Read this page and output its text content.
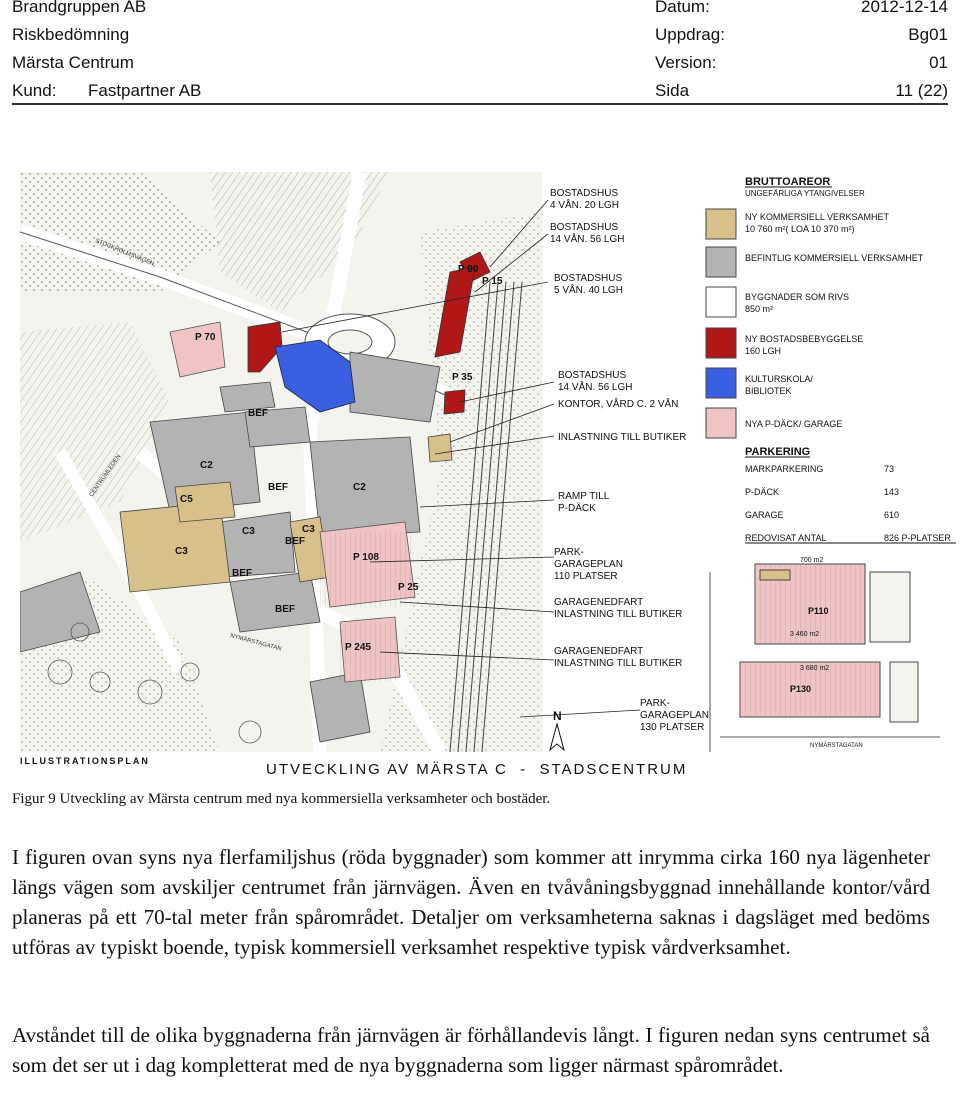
Brandgruppen AB	Datum:	2012-12-14
Riskbedömning	Uppdrag:	Bg01
Märsta Centrum	Version:	01
Kund: Fastpartner AB	Sida	11 (22)
P 70
P 90
P 15
P 35
P 108
P 25
P 245
C2
C2
C3
C3	C3
C5
BEF
BEF
BEF
BEF
BEF
N
STOCKHOLMSVÄGEN
NYMÄRSTAGATAN
CENTRUMLEDEN
BOSTADSHUS
4 VÅN. 20 LGH
BOSTADSHUS
14 VÅN. 56 LGH
BOSTADSHUS
5 VÅN. 40 LGH
BOSTADSHUS
14 VÅN. 56 LGH
KONTOR, VÅRD C. 2 VÅN
INLASTNING TILL BUTIKER
RAMP TILL
P-DÄCK
PARK-
GARAGEPLAN
110 PLATSER
GARAGENEDFART
INLASTNING TILL BUTIKER
GARAGENEDFART
INLASTNING TILL BUTIKER
PARK-
GARAGEPLAN
130 PLATSER
BRUTTOAREOR
UNGEFÄRLIGA YTANGIVELSER
NY KOMMERSIELL VERKSAMHET
10 760 m²( LOA 10 370 m²)
BEFINTLIG KOMMERSIELL VERKSAMHET
BYGGNADER SOM RIVS
850 m²
NY BOSTADSBEBYGGELSE
160 LGH
KULTURSKOLA/
BIBLIOTEK
NYA P-DÄCK/ GARAGE
PARKERING
MARKPARKERING	73
P-DÄCK	143
GARAGE	610
REDOVISAT ANTAL	826 P-PLATSER
P110
P130
700 m2
3 460 m2
3 680 m2
NYMÄRSTAGATAN
ILLUSTRATIONSPLAN	UTVECKLING AV MÄRSTA C  -  STADSCENTRUM
Figur 9 Utveckling av Märsta centrum med nya kommersiella verksamheter och bostäder.
I figuren ovan syns nya flerfamiljshus (röda byggnader) som kommer att inrymma cirka 160 nya lägenheter längs vägen som avskiljer centrumet från järnvägen. Även en tvåvåningsbyggnad innehållande kontor/vård planeras på ett 70-tal meter från spårområdet. Detaljer om verksamheterna saknas i dagsläget med bedöms utföras av typiskt boende, typisk kommersiell verksamhet respektive typisk vårdverksamhet.
Avståndet till de olika byggnaderna från järnvägen är förhållandevis långt. I figuren nedan syns centrumet så som det ser ut i dag kompletterat med de nya byggnaderna som ligger närmast spårområdet.
